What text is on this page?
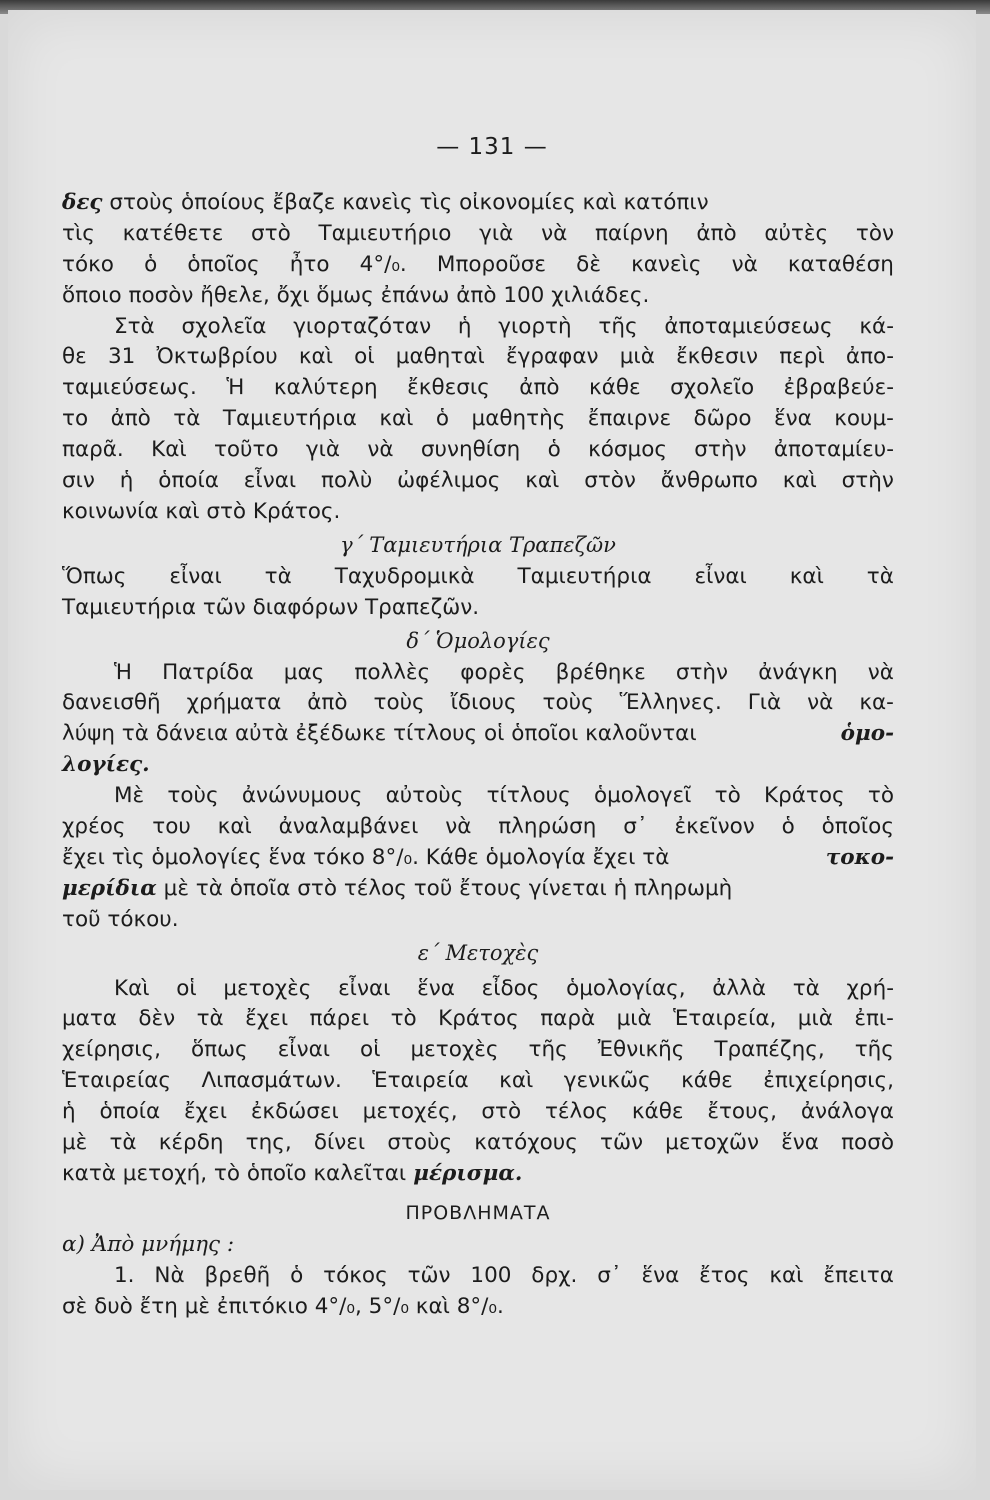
— 131 —
δες στοὺς ὁποίους ἔβαζε κανεὶς τὶς οἰκονομίες καὶ κατόπιν
τὶς κατέθετε στὸ Ταμιευτήριο γιὰ νὰ παίρνη ἀπὸ αὐτὲς τὸν
τόκο ὁ ὁποῖος ἦτο 4°/₀. Μποροῦσε δὲ κανεὶς νὰ καταθέση
ὅποιο ποσὸν ἤθελε, ὄχι ὅμως ἐπάνω ἀπὸ 100 χιλιάδες.
Στὰ σχολεῖα γιορταζόταν ἡ γιορτὴ τῆς ἀποταμιεύσεως κά-
θε 31 Ὀκτωβρίου καὶ οἱ μαθηταὶ ἔγραφαν μιὰ ἔκθεσιν περὶ ἀπο-
ταμιεύσεως. Ἡ καλύτερη ἔκθεσις ἀπὸ κάθε σχολεῖο ἐβραβεύε-
το ἀπὸ τὰ Ταμιευτήρια καὶ ὁ μαθητὴς ἔπαιρνε δῶρο ἕνα κουμ-
παρᾶ. Καὶ τοῦτο γιὰ νὰ συνηθίση ὁ κόσμος στὴν ἀποταμίευ-
σιν ἡ ὁποία εἶναι πολὺ ὠφέλιμος καὶ στὸν ἄνθρωπο καὶ στὴν
κοινωνία καὶ στὸ Κράτος.
γ΄ Ταμιευτήρια Τραπεζῶν
Ὅπως εἶναι τὰ Ταχυδρομικὰ Ταμιευτήρια εἶναι καὶ τὰ
Ταμιευτήρια τῶν διαφόρων Τραπεζῶν.
δ΄ Ὁμολογίες
Ἡ Πατρίδα μας πολλὲς φορὲς βρέθηκε στὴν ἀνάγκη νὰ
δανεισθῆ χρήματα ἀπὸ τοὺς ἴδιους τοὺς Ἕλληνες. Γιὰ νὰ κα-
λύψη τὰ δάνεια αὐτὰ ἐξέδωκε τίτλους οἱ ὁποῖοι καλοῦνται	ὁμο-
λογίες.
Μὲ τοὺς ἀνώνυμους αὐτοὺς τίτλους ὁμολογεῖ τὸ Κράτος τὸ
χρέος του καὶ ἀναλαμβάνει νὰ πληρώση σ᾽ ἐκεῖνον ὁ ὁποῖος
ἔχει τὶς ὁμολογίες ἕνα τόκο 8°/₀. Κάθε ὁμολογία ἔχει τὰ	τοκο-
μερίδια μὲ τὰ ὁποῖα στὸ τέλος τοῦ ἔτους γίνεται ἡ πληρωμὴ
τοῦ τόκου.
ε΄ Μετοχὲς
Καὶ οἱ μετοχὲς εἶναι ἕνα εἶδος ὁμολογίας, ἀλλὰ τὰ χρή-
ματα δὲν τὰ ἔχει πάρει τὸ Κράτος παρὰ μιὰ Ἑταιρεία, μιὰ ἐπι-
χείρησις, ὅπως εἶναι οἱ μετοχὲς τῆς Ἐθνικῆς Τραπέζης, τῆς
Ἑταιρείας Λιπασμάτων. Ἑταιρεία καὶ γενικῶς κάθε ἐπιχείρησις,
ἡ ὁποία ἔχει ἐκδώσει μετοχές, στὸ τέλος κάθε ἔτους, ἀνάλογα
μὲ τὰ κέρδη της, δίνει στοὺς κατόχους τῶν μετοχῶν ἕνα ποσὸ
κατὰ μετοχή, τὸ ὁποῖο καλεῖται μέρισμα.
ΠΡΟΒΛΗΜΑΤΑ
α) Ἀπὸ μνήμης :
1. Νὰ βρεθῆ ὁ τόκος τῶν 100 δρχ. σ᾽ ἕνα ἔτος καὶ ἔπειτα
σὲ δυὸ ἔτη μὲ ἐπιτόκιο 4°/₀, 5°/₀ καὶ 8°/₀.
